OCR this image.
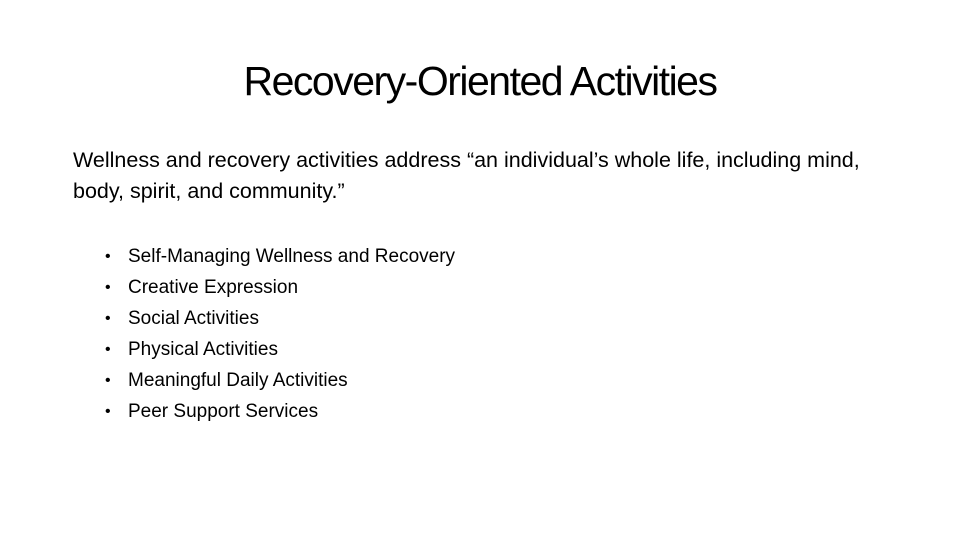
Recovery-Oriented Activities
Wellness and recovery activities address “an individual’s whole life, including mind, body, spirit, and community.”
• Self-Managing Wellness and Recovery
• Creative Expression
• Social Activities
• Physical Activities
• Meaningful Daily Activities
• Peer Support Services
